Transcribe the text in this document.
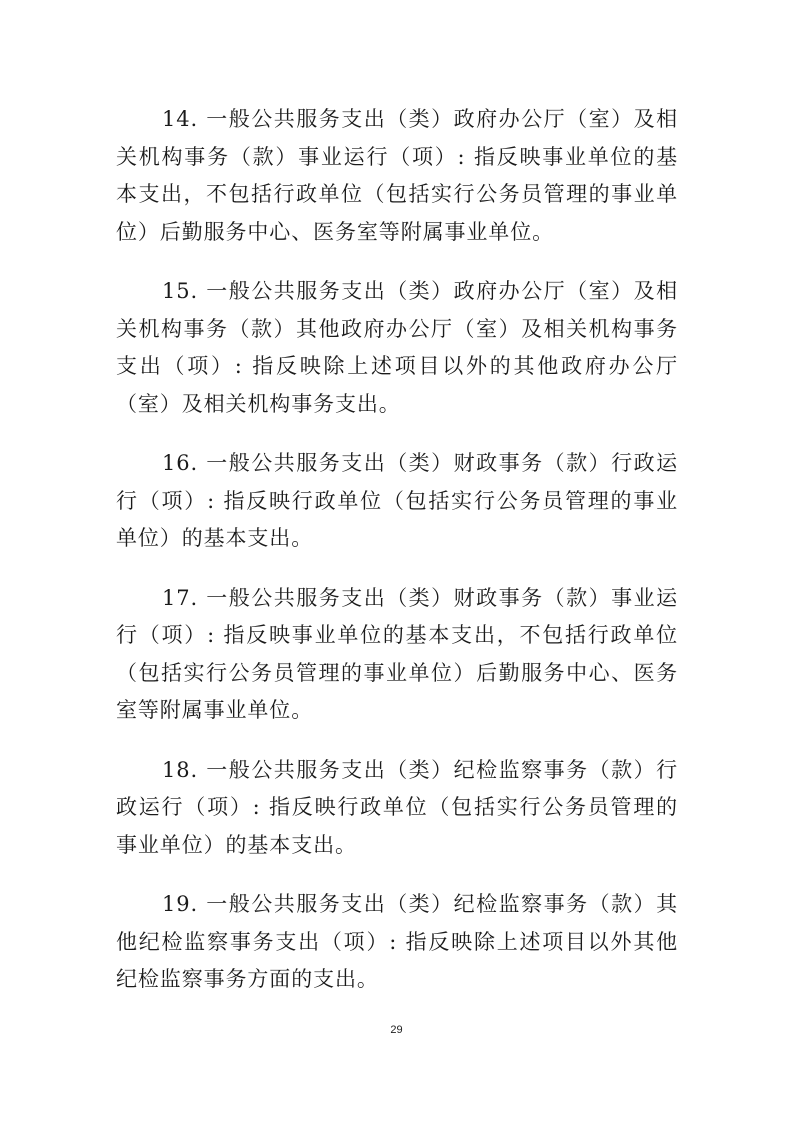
14. 一般公共服务支出（类）政府办公厅（室）及相关机构事务（款）事业运行（项）: 指反映事业单位的基本支出，不包括行政单位（包括实行公务员管理的事业单位）后勤服务中心、医务室等附属事业单位。

15. 一般公共服务支出（类）政府办公厅（室）及相关机构事务（款）其他政府办公厅（室）及相关机构事务支出（项）: 指反映除上述项目以外的其他政府办公厅（室）及相关机构事务支出。

16. 一般公共服务支出（类）财政事务（款）行政运行（项）: 指反映行政单位（包括实行公务员管理的事业单位）的基本支出。

17. 一般公共服务支出（类）财政事务（款）事业运行（项）: 指反映事业单位的基本支出，不包括行政单位（包括实行公务员管理的事业单位）后勤服务中心、医务室等附属事业单位。

18. 一般公共服务支出（类）纪检监察事务（款）行政运行（项）: 指反映行政单位（包括实行公务员管理的事业单位）的基本支出。

19. 一般公共服务支出（类）纪检监察事务（款）其他纪检监察事务支出（项）: 指反映除上述项目以外其他纪检监察事务方面的支出。

29
